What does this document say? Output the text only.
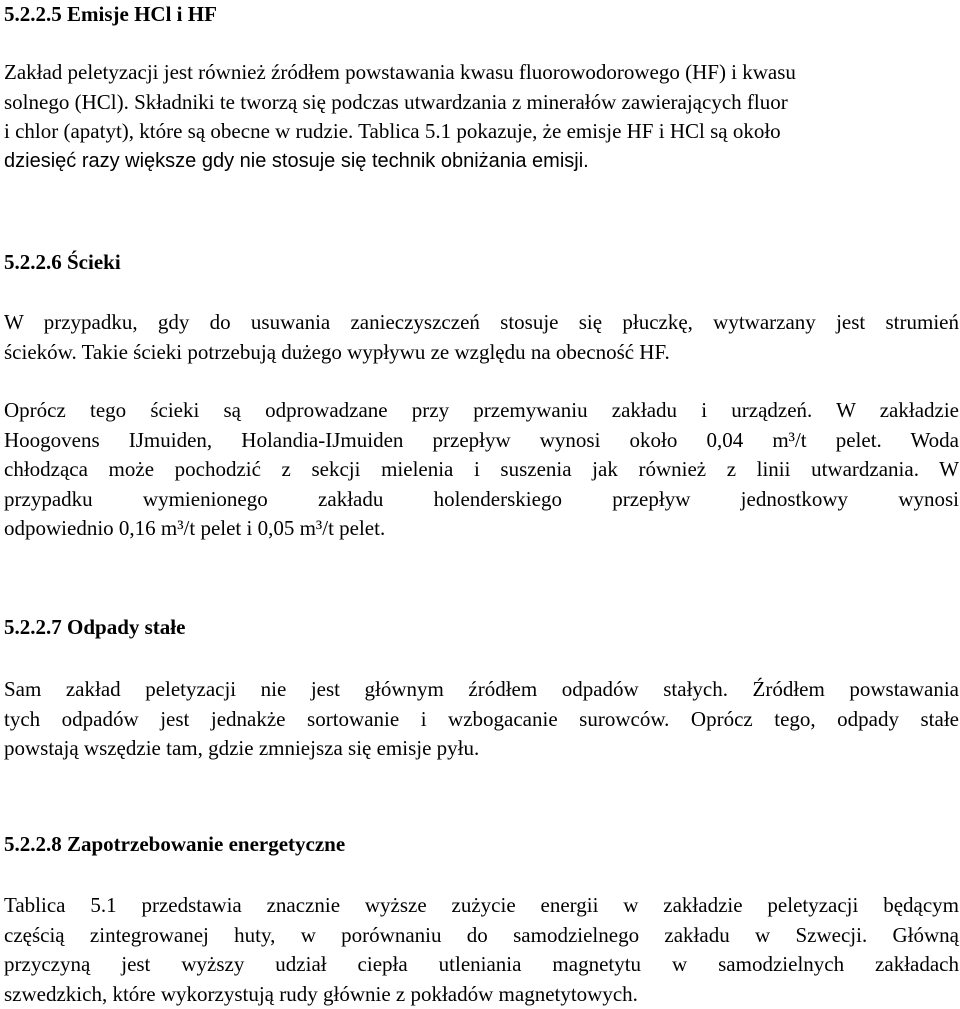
5.2.2.5 Emisje HCl i HF
Zakład peletyzacji jest również źródłem powstawania kwasu fluorowodorowego (HF) i kwasu
solnego (HCl). Składniki te tworzą się podczas utwardzania z minerałów zawierających fluor
i chlor (apatyt), które są obecne w rudzie. Tablica 5.1 pokazuje, że emisje HF i HCl są około
dziesięć razy większe gdy nie stosuje się technik obniżania emisji.
5.2.2.6 Ścieki
W przypadku, gdy do usuwania zanieczyszczeń stosuje się płuczkę, wytwarzany jest strumień
ścieków. Takie ścieki potrzebują dużego wypływu ze względu na obecność HF.
Oprócz tego ścieki są odprowadzane przy przemywaniu zakładu i urządzeń. W zakładzie
Hoogovens IJmuiden, Holandia-IJmuiden przepływ wynosi około 0,04 m³/t pelet. Woda
chłodząca może pochodzić z sekcji mielenia i suszenia jak również z linii utwardzania. W
przypadku wymienionego zakładu holenderskiego przepływ jednostkowy wynosi
odpowiednio 0,16 m³/t pelet i 0,05 m³/t pelet.
5.2.2.7 Odpady stałe
Sam zakład peletyzacji nie jest głównym źródłem odpadów stałych. Źródłem powstawania
tych odpadów jest jednakże sortowanie i wzbogacanie surowców. Oprócz tego, odpady stałe
powstają wszędzie tam, gdzie zmniejsza się emisje pyłu.
5.2.2.8 Zapotrzebowanie energetyczne
Tablica 5.1 przedstawia znacznie wyższe zużycie energii w zakładzie peletyzacji będącym
częścią zintegrowanej huty, w porównaniu do samodzielnego zakładu w Szwecji. Główną
przyczyną jest wyższy udział ciepła utleniania magnetytu w samodzielnych zakładach
szwedzkich, które wykorzystują rudy głównie z pokładów magnetytowych.
